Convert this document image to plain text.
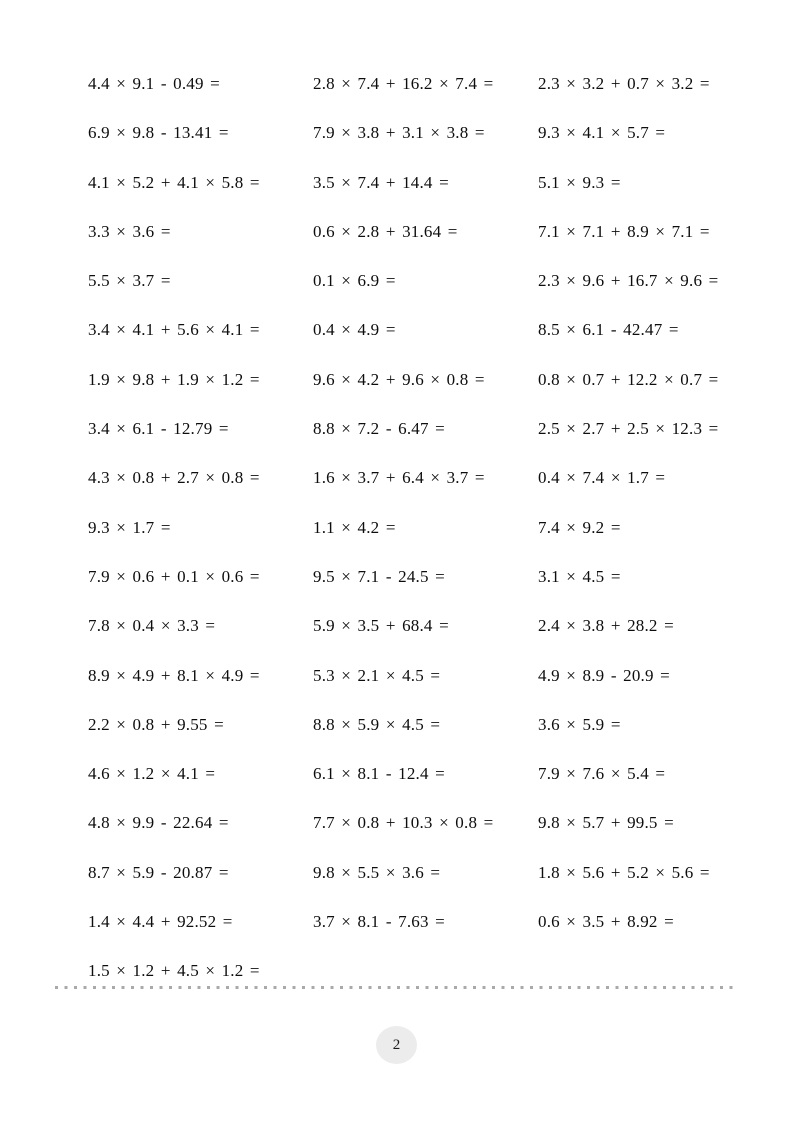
4.4 × 9.1 - 0.49 =	2.8 × 7.4 + 16.2 × 7.4 =	2.3 × 3.2 + 0.7 × 3.2 =
6.9 × 9.8 - 13.41 =	7.9 × 3.8 + 3.1 × 3.8 =	9.3 × 4.1 × 5.7 =
4.1 × 5.2 + 4.1 × 5.8 =	3.5 × 7.4 + 14.4 =	5.1 × 9.3 =
3.3 × 3.6 =	0.6 × 2.8 + 31.64 =	7.1 × 7.1 + 8.9 × 7.1 =
5.5 × 3.7 =	0.1 × 6.9 =	2.3 × 9.6 + 16.7 × 9.6 =
3.4 × 4.1 + 5.6 × 4.1 =	0.4 × 4.9 =	8.5 × 6.1 - 42.47 =
1.9 × 9.8 + 1.9 × 1.2 =	9.6 × 4.2 + 9.6 × 0.8 =	0.8 × 0.7 + 12.2 × 0.7 =
3.4 × 6.1 - 12.79 =	8.8 × 7.2 - 6.47 =	2.5 × 2.7 + 2.5 × 12.3 =
4.3 × 0.8 + 2.7 × 0.8 =	1.6 × 3.7 + 6.4 × 3.7 =	0.4 × 7.4 × 1.7 =
9.3 × 1.7 =	1.1 × 4.2 =	7.4 × 9.2 =
7.9 × 0.6 + 0.1 × 0.6 =	9.5 × 7.1 - 24.5 =	3.1 × 4.5 =
7.8 × 0.4 × 3.3 =	5.9 × 3.5 + 68.4 =	2.4 × 3.8 + 28.2 =
8.9 × 4.9 + 8.1 × 4.9 =	5.3 × 2.1 × 4.5 =	4.9 × 8.9 - 20.9 =
2.2 × 0.8 + 9.55 =	8.8 × 5.9 × 4.5 =	3.6 × 5.9 =
4.6 × 1.2 × 4.1 =	6.1 × 8.1 - 12.4 =	7.9 × 7.6 × 5.4 =
4.8 × 9.9 - 22.64 =	7.7 × 0.8 + 10.3 × 0.8 =	9.8 × 5.7 + 99.5 =
8.7 × 5.9 - 20.87 =	9.8 × 5.5 × 3.6 =	1.8 × 5.6 + 5.2 × 5.6 =
1.4 × 4.4 + 92.52 =	3.7 × 8.1 - 7.63 =	0.6 × 3.5 + 8.92 =
1.5 × 1.2 + 4.5 × 1.2 =
2
